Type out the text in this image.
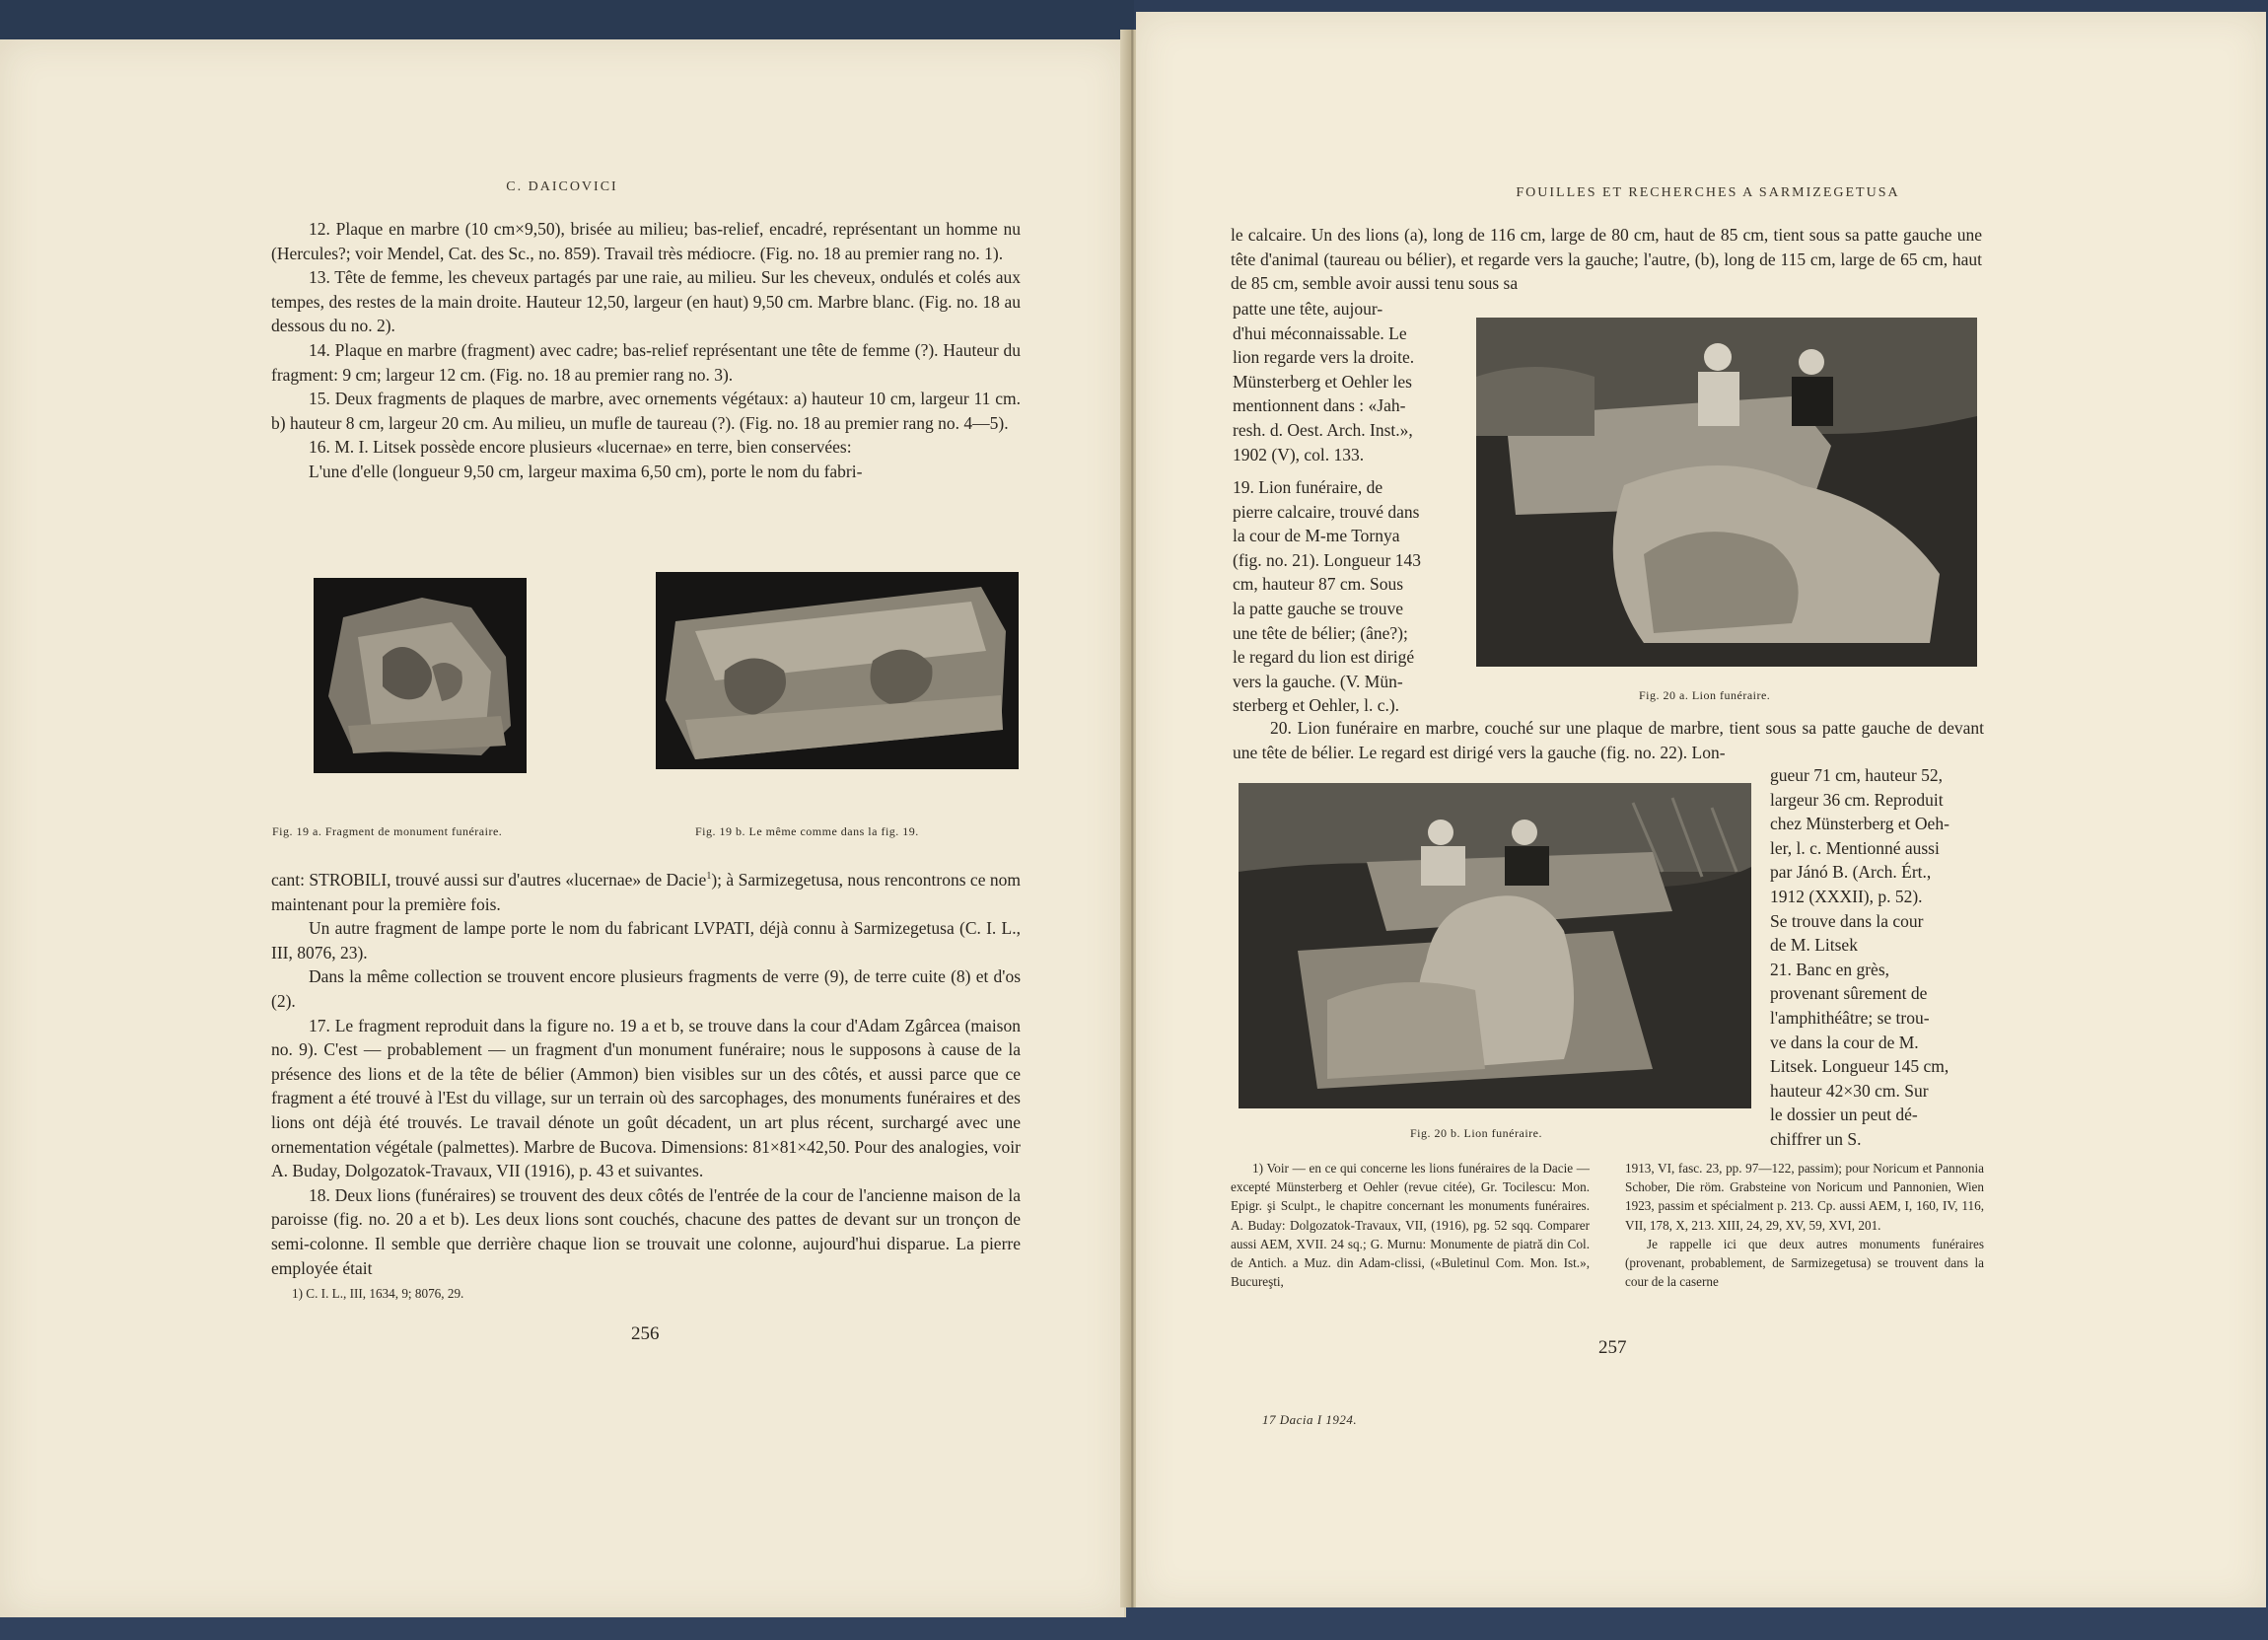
C. DAICOVICI

12. Plaque en marbre (10 cm×9,50), brisée au milieu; bas-relief, encadré, représentant un homme nu (Hercules?; voir Mendel, Cat. des Sc., no. 859). Travail très médiocre. (Fig. no. 18 au premier rang no. 1).

13. Tête de femme, les cheveux partagés par une raie, au milieu. Sur les cheveux, ondulés et colés aux tempes, des restes de la main droite. Hauteur 12,50, largeur (en haut) 9,50 cm. Marbre blanc. (Fig. no. 18 au dessous du no. 2).

14. Plaque en marbre (fragment) avec cadre; bas-relief représentant une tête de femme (?). Hauteur du fragment: 9 cm; largeur 12 cm. (Fig. no. 18 au premier rang no. 3).

15. Deux fragments de plaques de marbre, avec ornements végétaux: a) hauteur 10 cm, largeur 11 cm. b) hauteur 8 cm, largeur 20 cm. Au milieu, un mufle de taureau (?). (Fig. no. 18 au premier rang no. 4—5).

16. M. I. Litsek possède encore plusieurs «lucernae» en terre, bien conservées:

L'une d'elle (longueur 9,50 cm, largeur maxima 6,50 cm), porte le nom du fabri-

Fig. 19 a. Fragment de monument funéraire.	Fig. 19 b. Le même comme dans la fig. 19.

cant: STROBILI, trouvé aussi sur d'autres «lucernae» de Dacie$^1$); à Sarmizegetusa, nous rencontrons ce nom maintenant pour la première fois.

Un autre fragment de lampe porte le nom du fabricant LVPATI, déjà connu à Sarmizegetusa (C. I. L., III, 8076, 23).

Dans la même collection se trouvent encore plusieurs fragments de verre (9), de terre cuite (8) et d'os (2).

17. Le fragment reproduit dans la figure no. 19 a et b, se trouve dans la cour d'Adam Zgârcea (maison no. 9). C'est — probablement — un fragment d'un monument funéraire; nous le supposons à cause de la présence des lions et de la tête de bélier (Ammon) bien visibles sur un des côtés, et aussi parce que ce fragment a été trouvé à l'Est du village, sur un terrain où des sarcophages, des monuments funéraires et des lions ont déjà été trouvés. Le travail dénote un goût décadent, un art plus récent, surchargé avec une ornementation végétale (palmettes). Marbre de Bucova. Dimensions: 81×81×42,50. Pour des analogies, voir A. Buday, Dolgozatok-Travaux, VII (1916), p. 43 et suivantes.

18. Deux lions (funéraires) se trouvent des deux côtés de l'entrée de la cour de l'ancienne maison de la paroisse (fig. no. 20 a et b). Les deux lions sont couchés, chacune des pattes de devant sur un tronçon de semi-colonne. Il semble que derrière chaque lion se trouvait une colonne, aujourd'hui disparue. La pierre employée était

1) C. I. L., III, 1634, 9; 8076, 29.
256
FOUILLES ET RECHERCHES A SARMIZEGETUSA

le calcaire. Un des lions (a), long de 116 cm, large de 80 cm, haut de 85 cm, tient sous sa patte gauche une tête d'animal (taureau ou bélier), et regarde vers la gauche; l'autre, (b), long de 115 cm, large de 65 cm, haut de 85 cm, semble avoir aussi tenu sous sa

patte une tête, aujour-
d'hui méconnaissable. Le
lion regarde vers la droite.
Münsterberg et Oehler les
mentionnent dans : «Jah-
resh. d. Oest. Arch. Inst.»,
1902 (V), col. 133.
Fig. 20 a. Lion funéraire.
19. Lion funéraire, de
pierre calcaire, trouvé dans
la cour de M-me Tornya
(fig. no. 21). Longueur 143
cm, hauteur 87 cm. Sous
la patte gauche se trouve
une tête de bélier; (âne?);
le regard du lion est dirigé
vers la gauche. (V. Mün-
sterberg et Oehler, l. c.).

20. Lion funéraire en marbre, couché sur une plaque de marbre, tient sous sa patte gauche de devant une tête de bélier. Le regard est dirigé vers la gauche (fig. no. 22). Lon-

Fig. 20 b. Lion funéraire.
gueur 71 cm, hauteur 52,
largeur 36 cm. Reproduit
chez Münsterberg et Oeh-
ler, l. c. Mentionné aussi
par Jánó B. (Arch. Ért.,
1912 (XXXII), p. 52).
Se trouve dans la cour
de M. Litsek
21. Banc en grès,
provenant sûrement de
l'amphithéâtre; se trou-
ve dans la cour de M.
Litsek. Longueur 145 cm,
hauteur 42×30 cm. Sur
le dossier un peut dé-
chiffrer un S.

1) Voir — en ce qui concerne les lions funéraires de la Dacie — excepté Münsterberg et Oehler (revue citée), Gr. Tocilescu: Mon. Epigr. şi Sculpt., le chapitre concernant les monuments funéraires. A. Buday: Dolgozatok-Travaux, VII, (1916), pg. 52 sqq. Comparer aussi AEM, XVII. 24 sq.; G. Murnu: Monumente de piatră din Col. de Antich. a Muz. din Adam-clissi, («Buletinul Com. Mon. Ist.», Bucureşti,

1913, VI, fasc. 23, pp. 97—122, passim); pour Noricum et Pannonia Schober, Die röm. Grabsteine von Noricum und Pannonien, Wien 1923, passim et spécialment p. 213. Cp. aussi AEM, I, 160, IV, 116, VII, 178, X, 213. XIII, 24, 29, XV, 59, XVI, 201.

Je rappelle ici que deux autres monuments funéraires (provenant, probablement, de Sarmizegetusa) se trouvent dans la cour de la caserne

257
17 Dacia I 1924.
